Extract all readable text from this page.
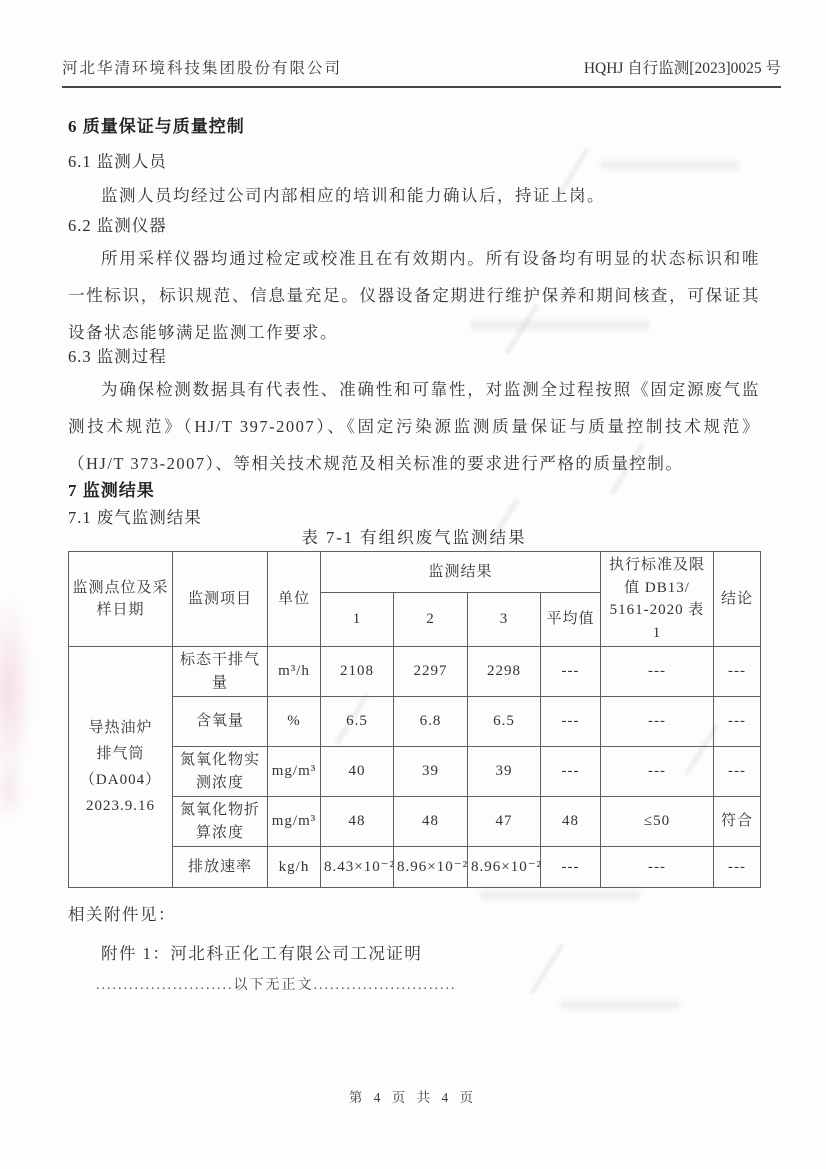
河北华清环境科技集团股份有限公司	HQHJ 自行监测[2023]0025 号
6 质量保证与质量控制
6.1 监测人员
监测人员均经过公司内部相应的培训和能力确认后，持证上岗。
6.2 监测仪器
所用采样仪器均通过检定或校准且在有效期内。所有设备均有明显的状态标识和唯一性标识，标识规范、信息量充足。仪器设备定期进行维护保养和期间核查，可保证其设备状态能够满足监测工作要求。
6.3 监测过程
为确保检测数据具有代表性、准确性和可靠性，对监测全过程按照《固定源废气监测技术规范》（HJ/T 397-2007）、《固定污染源监测质量保证与质量控制技术规范》（HJ/T 373-2007）、等相关技术规范及相关标准的要求进行严格的质量控制。
7 监测结果
7.1 废气监测结果
表 7-1 有组织废气监测结果
监测点位及采样日期	监测项目	单位	监测结果				执行标准及限值 DB13/ 5161-2020 表 1	结论
			1	2	3	平均值		

导热油炉
排气筒
（DA004）
2023.9.16	标态干排气量	m³/h	2108	2297	2298	---	---	---
	含氧量	%	6.5	6.8	6.5	---	---	---
	氮氧化物实测浓度	mg/m³	40	39	39	---	---	---
	氮氧化物折算浓度	mg/m³	48	48	47	48	≤50	符合
	排放速率	kg/h	8.43×10⁻²	8.96×10⁻²	8.96×10⁻²	---	---	---
相关附件见：
附件 1：河北科正化工有限公司工况证明
.........................以下无正文..........................
第 4 页 共 4 页
